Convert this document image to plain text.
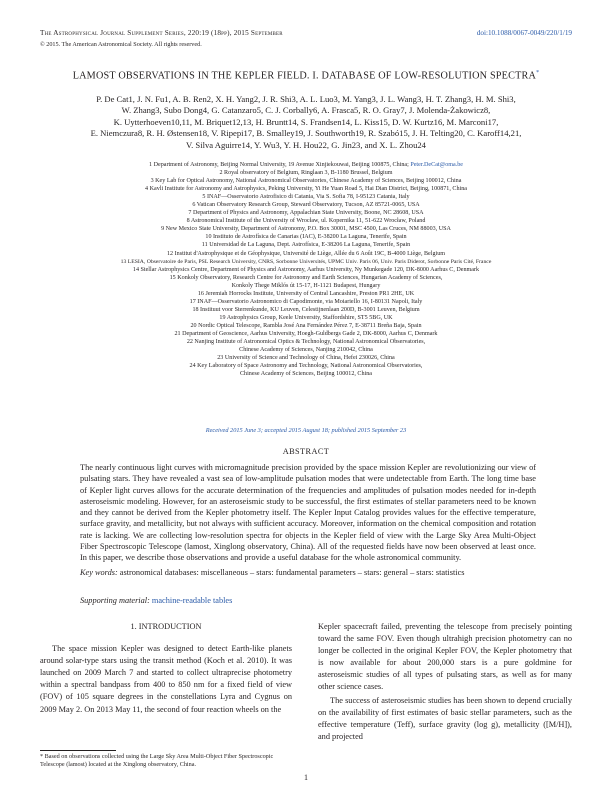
The Astrophysical Journal Supplement Series, 220:19 (18pp), 2015 September	doi:10.1088/0067-0049/220/1/19
© 2015. The American Astronomical Society. All rights reserved.
LAMOST OBSERVATIONS IN THE KEPLER FIELD. I. DATABASE OF LOW-RESOLUTION SPECTRA*
P. De Cat1, J. N. Fu1, A. B. Ren2, X. H. Yang2, J. R. Shi3, A. L. Luo3, M. Yang3, J. L. Wang3, H. T. Zhang3, H. M. Shi3,
W. Zhang3, Subo Dong4, G. Catanzaro5, C. J. Corbally6, A. Frasca5, R. O. Gray7, J. Molenda-Żakowicz8,
K. Uytterhoeven10,11, M. Briquet12,13, H. Bruntt14, S. Frandsen14, L. Kiss15, D. W. Kurtz16, M. Marconi17,
E. Niemczura8, R. H. Østensen18, V. Ripepi17, B. Smalley19, J. Southworth19, R. Szabó15, J. H. Telting20, C. Karoff14,21,
V. Silva Aguirre14, Y. Wu3, Y. H. Hou22, G. Jin23, and X. L. Zhou24
1 Department of Astronomy, Beijing Normal University, 19 Avenue Xinjiekouwai, Beijing 100875, China; Peter.DeCat@oma.be
2 Royal observatory of Belgium, Ringlaan 3, B-1180 Brussel, Belgium
3 Key Lab for Optical Astronomy, National Astronomical Observatories, Chinese Academy of Sciences, Beijing 100012, China
4 Kavli Institute for Astronomy and Astrophysics, Peking University, Yi He Yuan Road 5, Hai Dian District, Beijing, 100871, China
5 INAF—Osservatorio Astrofisico di Catania, Via S. Sofia 78, I-95123 Catania, Italy
6 Vatican Observatory Research Group, Steward Observatory, Tucson, AZ 85721-0065, USA
7 Department of Physics and Astronomy, Appalachian State University, Boone, NC 28608, USA
8 Astronomical Institute of the University of Wrocław, ul. Kopernika 11, 51-622 Wrocław, Poland
9 New Mexico State University, Department of Astronomy, P.O. Box 30001, MSC 4500, Las Cruces, NM 88003, USA
10 Instituto de Astrofísica de Canarias (IAC), E-38200 La Laguna, Tenerife, Spain
11 Universidad de La Laguna, Dept. Astrofísica, E-38206 La Laguna, Tenerife, Spain
12 Institut d'Astrophysique et de Géophysique, Université de Liège, Allée du 6 Août 19C, B-4000 Liège, Belgium
13 LESIA, Observatoire de Paris, PSL Research University, CNRS, Sorbonne Universités, UPMC Univ. Paris 06, Univ. Paris Diderot, Sorbonne Paris Cité, France
14 Stellar Astrophysics Centre, Department of Physics and Astronomy, Aarhus University, Ny Munkegade 120, DK-8000 Aarhus C, Denmark
15 Konkoly Observatory, Research Centre for Astronomy and Earth Sciences, Hungarian Academy of Sciences,
Konkoly Thege Miklós út 15-17, H-1121 Budapest, Hungary
16 Jeremiah Horrocks Institute, University of Central Lancashire, Preston PR1 2HE, UK
17 INAF—Osservatorio Astronomico di Capodimonte, via Moiariello 16, I-80131 Napoli, Italy
18 Instituut voor Sterrenkunde, KU Leuven, Celestijnenlaan 200D, B-3001 Leuven, Belgium
19 Astrophysics Group, Keele University, Staffordshire, ST5 5BG, UK
20 Nordic Optical Telescope, Rambla José Ana Fernández Pérez 7, E-38711 Breña Baja, Spain
21 Department of Geoscience, Aarhus University, Hoegh-Guldbergs Gade 2, DK-8000, Aarhus C, Denmark
22 Nanjing Institute of Astronomical Optics & Technology, National Astronomical Observatories,
Chinese Academy of Sciences, Nanjing 210042, China
23 University of Science and Technology of China, Hefei 230026, China
24 Key Laboratory of Space Astronomy and Technology, National Astronomical Observatories,
Chinese Academy of Sciences, Beijing 100012, China
Received 2015 June 3; accepted 2015 August 18; published 2015 September 23
ABSTRACT
The nearly continuous light curves with micromagnitude precision provided by the space mission Kepler are revolutionizing our view of pulsating stars. They have revealed a vast sea of low-amplitude pulsation modes that were undetectable from Earth. The long time base of Kepler light curves allows for the accurate determination of the frequencies and amplitudes of pulsation modes needed for in-depth asteroseismic modeling. However, for an asteroseismic study to be successful, the first estimates of stellar parameters need to be known and they cannot be derived from the Kepler photometry itself. The Kepler Input Catalog provides values for the effective temperature, surface gravity, and metallicity, but not always with sufficient accuracy. Moreover, information on the chemical composition and rotation rate is lacking. We are collecting low-resolution spectra for objects in the Kepler field of view with the Large Sky Area Multi-Object Fiber Spectroscopic Telescope (lamost, Xinglong observatory, China). All of the requested fields have now been observed at least once. In this paper, we describe those observations and provide a useful database for the whole astronomical community.
Key words: astronomical databases: miscellaneous – stars: fundamental parameters – stars: general – stars: statistics
Supporting material: machine-readable tables
1. INTRODUCTION

The space mission Kepler was designed to detect Earth-like planets around solar-type stars using the transit method (Koch et al. 2010). It was launched on 2009 March 7 and started to collect ultraprecise photometry within a spectral bandpass from 400 to 850 nm for a fixed field of view (FOV) of 105 square degrees in the constellations Lyra and Cygnus on 2009 May 2. On 2013 May 11, the second of four reaction wheels on the

Kepler spacecraft failed, preventing the telescope from precisely pointing toward the same FOV. Even though ultrahigh precision photometry can no longer be collected in the original Kepler FOV, the Kepler photometry that is now available for about 200,000 stars is a pure goldmine for asteroseismic studies of all types of pulsating stars, as well as for many other science cases.

The success of asteroseismic studies has been shown to depend crucially on the availability of first estimates of basic stellar parameters, such as the effective temperature (Teff), surface gravity (log g), metallicity ([M/H]), and projected

* Based on observations collected using the Large Sky Area Multi-Object Fiber Spectroscopic Telescope (lamost) located at the Xinglong observatory, China.
1
